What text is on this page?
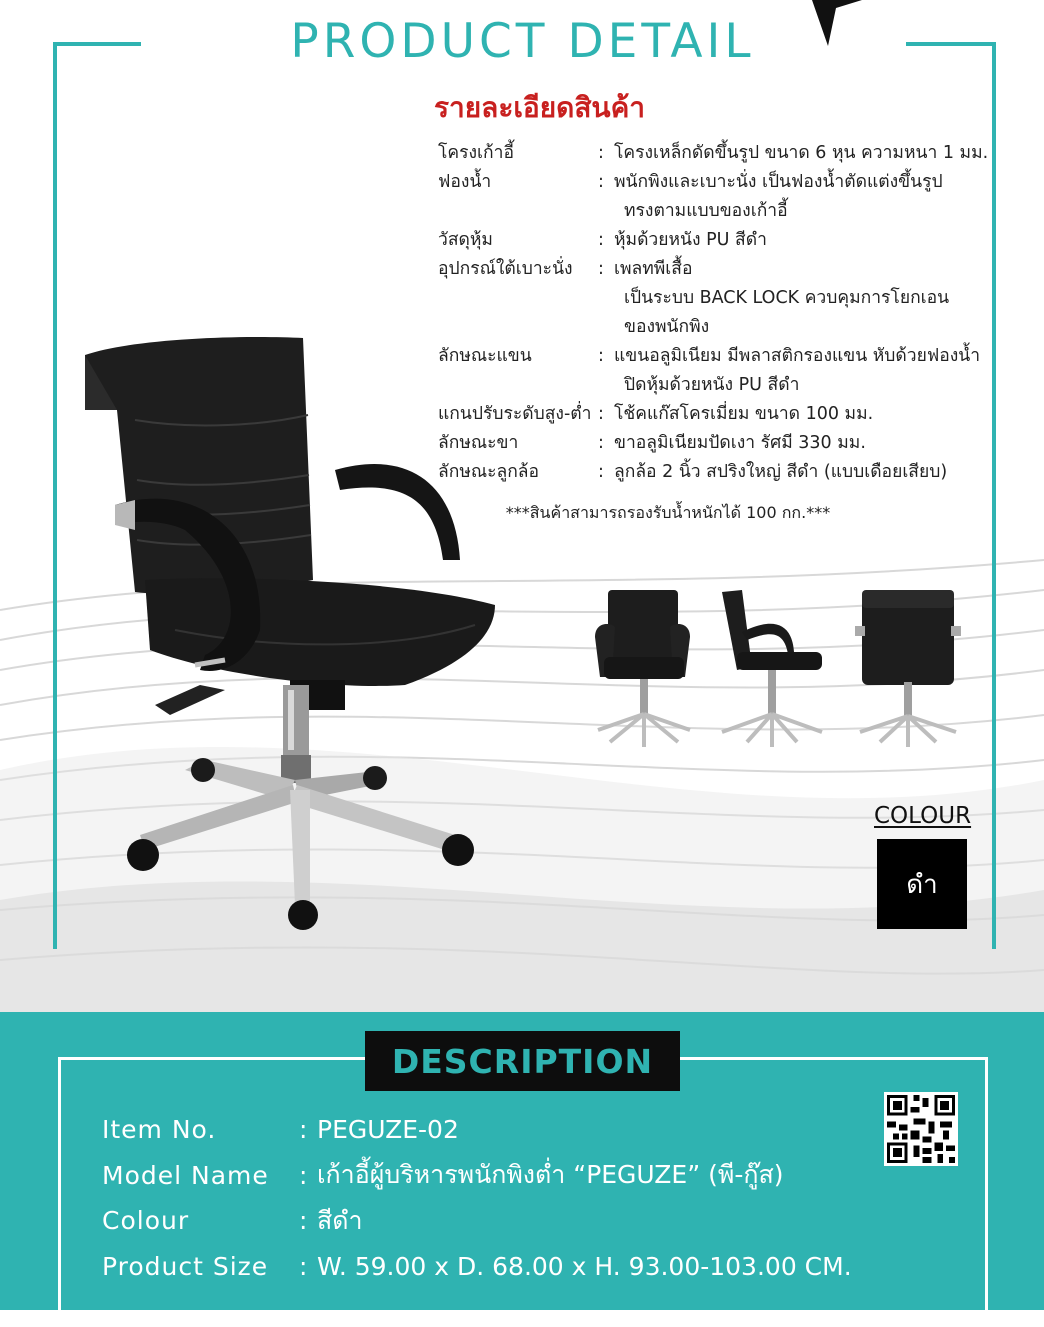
PRODUCT DETAIL
รายละเอียดสินค้า
โครงเก้าอี้	: โครงเหล็กดัดขึ้นรูป ขนาด 6 หุน ความหนา 1 มม.
ฟองน้ำ	: พนักพิงและเบาะนั่ง เป็นฟองน้ำตัดแต่งขึ้นรูป
ทรงตามแบบของเก้าอี้
วัสดุหุ้ม	: หุ้มด้วยหนัง PU สีดำ
อุปกรณ์ใต้เบาะนั่ง	: เพลทพีเสื้อ
เป็นระบบ BACK LOCK ควบคุมการโยกเอน
ของพนักพิง
ลักษณะแขน	: แขนอลูมิเนียม มีพลาสติกรองแขน หับด้วยฟองน้ำ
ปิดหุ้มด้วยหนัง PU สีดำ
แกนปรับระดับสูง-ต่ำ : โช้คแก๊สโครเมี่ยม ขนาด 100 มม.
ลักษณะขา	: ขาอลูมิเนียมปัดเงา รัศมี 330 มม.
ลักษณะลูกล้อ	: ลูกล้อ 2 นิ้ว สปริงใหญ่ สีดำ (แบบเดือยเสียบ)
***สินค้าสามารถรองรับน้ำหนักได้ 100 กก.***
COLOUR
ดำ
DESCRIPTION
Item No.	: PEGUZE-02
Model Name	: เก้าอี้ผู้บริหารพนักพิงต่ำ “PEGUZE” (พี-กู๊ส)
Colour	: สีดำ
Product Size	: W. 59.00 x D. 68.00 x H. 93.00-103.00 CM.
